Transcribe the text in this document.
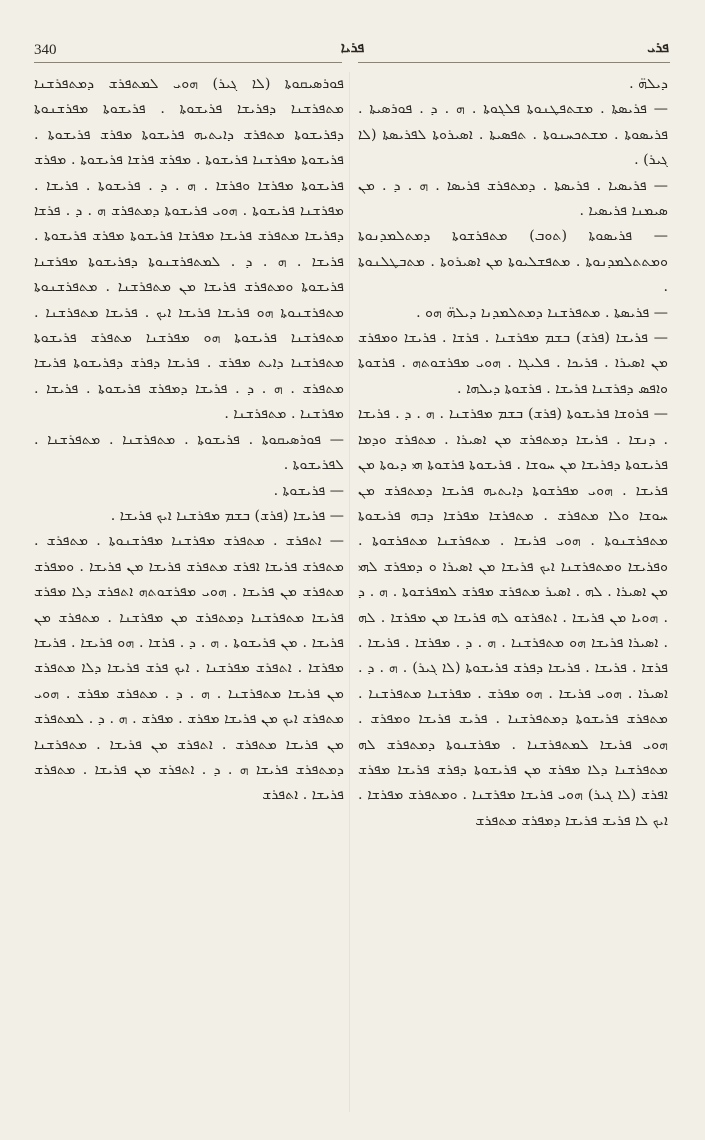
340	ܦܪܝܐ	ܦܪܝ

ܕܝܠܗ̈ .

— ܦܪܝܣܬܐ . ܡܫܬܦܛܢܘܬܐ ܦܠܓܘܬܐ . ܗ . ܕ . ܦܘܪܣܝܬܐ . ܦܪܝܣܘܬܐ . ܡܫܬܟܚܢܘܬܐ . ܬܦܣܝܬܐ . ܐܣܝܪܘܬܐ ܠܦܪܝܣܬܐ (ܠܐ ܓܝܪ) .

— ܦܪܝܣܝܐ . ܦܪܝܣܬܐ . ܕܡܬܦܪܫ ܦܪܝܣܐ . ܗ . ܕ . ܡܢ ܣܝܡܢܐ ܦܪܝܣܝܐ .

— ܦܪܝܣܘܬܐ (ܬܘܒ) ܡܬܦܪܫܘܬܐ ܕܡܬܠܡܕܢܘܬܐ ܘܡܬܬܠܡܕܢܘܬܐ . ܡܬܦܫܠܝܘܬܐ ܡܢ ܐܣܝܪܘܬܐ . ܡܬܒܛܠܢܘܬܐ .

— ܦܪܝܣܬܐ . ܡܬܦܪܫܢܐ ܕܡܬܠܡܕܢܐ ܕܝܠܗ̈ ܗܘ .

— ܦܪܝܫܐ (ܦܪܫ) ܒܫܡ ܡܦܪܫܢܐ . ܦܪܫܐ . ܦܪܝܫܐ ܘܡܦܪܫ ܡܢ ܐܣܝܪܐ . ܦܪܝܟܐ . ܦܠܝܓܐ . ܗܘܝ ܡܦܪܫܘܬܗ . ܦܪܫܘܬܐ ܘܐܦܣ ܕܦܪܫܢܐ ܦܪܝܫܐ . ܦܪܫܘܬܐ ܕܝܠܗܐ .

— ܦܪܘܫܐ ܦܪܝܫܘܬܐ (ܦܪܫ) ܒܫܡ ܡܦܪܫܢܐ . ܗ . ܕ . ܦܪܝܫܐ . ܕܢܫܐ . ܦܪܝܫܐ ܕܡܬܦܪܫ ܡܢ ܐܣܝܪܐ . ܡܬܦܪܫ ܘܕܡܐ ܦܪܝܫܘܬܐ ܕܦܪܝܫܐ ܡܢ ܚܘܫܐ . ܦܪܝܫܘܬܐ ܦܪܫܘܬܐ ܗܝ ܕܝܘܬܐ ܡܢ ܦܪܝܫܐ . ܗܘܝ ܡܦܪܫܘܬܐ ܕܐܝܬܝܗ ܦܪܝܫܐ ܕܡܬܦܪܫ ܡܢ ܚܘܫܐ ܘܠܐ ܡܬܦܪܫ . ܡܬܦܪܫܐ ܡܦܪܫܐ ܕܒܗ ܦܪܝܫܘܬܐ ܡܬܦܪܫܢܘܬܐ . ܗܘܝ ܦܪܝܫܐ . ܡܬܦܪܫܢܐ ܡܬܦܪܫܘܬܐ . ܘܦܪܝܫܐ ܘܡܬܦܪܫܢܐ ܐܝܟ ܦܪܝܫܐ ܡܢ ܐܣܝܪܐ ܘ ܕܡܦܪܫ ܠܗܝ ܡܢ ܐܣܝܪܐ . ܠܗ . ܐܣܝܪ ܡܬܦܪܫ ܡܦܪܫ ܠܡܦܪܫܘܬܐ . ܗ . ܕ . ܗܘܝܐ ܡܢ ܦܪܝܫܐ . ܐܬܦܪܫܘ ܠܗ ܦܪܝܫܐ ܡܢ ܡܦܪܫܐ . ܠܗ . ܐܣܝܪܐ ܦܪܝܫܐ ܗܘ ܡܬܦܪܫܢܐ . ܗ . ܕ . ܡܦܪܫܐ . ܦܪܝܫܐ . ܦܪܫܐ . ܦܪܝܫܐ . ܦܪܝܫܐ ܕܦܪܫ ܦܪܝܫܘܬܐ (ܠܐ ܓܝܪ) . ܗ . ܕ . ܐܣܝܪܐ . ܗܘܝ ܦܪܝܫܐ . ܗܘ ܡܦܪܫ . ܡܦܪܫܢܐ ܡܬܦܪܫܢܐ . ܡܬܦܪܫ ܦܪܝܫܘܬܐ ܕܡܬܦܪܫܢܐ . ܦܪܝܫ ܦܪܝܫܐ ܘܡܦܪܫ . ܗܘܝ ܦܪܝܫܐ ܠܡܬܦܪܫܢܐ . ܡܦܪܫܢܘܬܐ ܕܡܬܦܪܫ ܠܗ ܡܬܦܪܫܢܐ ܕܠܐ ܡܦܪܫ ܡܢ ܦܪܝܫܘܬܐ ܕܦܪܫ ܦܪܝܫܐ ܡܦܪܫ ܐܦܪܫ (ܠܐ ܓܝܪ) ܗܘܝ ܦܪܝܫܐ ܡܦܪܫܢܐ . ܘܡܬܦܪܫ ܡܦܪܫܐ . ܐܝܟ ܠܐ ܦܪܝܫ ܦܪܝܫܐ ܕܡܦܪܫ ܡܬܦܪܫ

ܦܘܪܣܝܩܘܬܐ (ܠܐ ܓܝܪ) ܗܘܝ ܠܡܬܦܪܫ ܕܡܬܦܪܫܢܐ ܡܬܦܪܫܢܐ ܕܦܪܝܫܐ ܦܪܝܫܘܬܐ . ܦܪܝܫܘܬܐ ܡܦܪܫܢܘܬܐ ܕܦܪܝܫܘܬܐ ܡܬܦܪܫ ܕܐܝܬܝܗ ܦܪܝܫܘܬܐ ܡܦܪܫ ܦܪܝܫܘܬܐ . ܦܪܝܫܘܬܐ ܡܦܪܫܢܐ ܦܪܝܫܘܬܐ . ܡܦܪܫ ܦܪܫܐ ܦܪܝܫܘܬܐ . ܡܦܪܫ ܦܪܝܫܘܬܐ ܡܦܪܫܐ ܘܦܪܫܐ . ܗ . ܕ . ܦܪܝܫܘܬܐ . ܦܪܝܫܐ . ܡܦܪܫܢܐ ܦܪܝܫܘܬܐ . ܗܘܝ ܦܪܝܫܘܬܐ ܕܡܬܦܪܫ ܗ . ܕ . ܦܪܫܐ ܕܦܪܝܫܐ ܡܬܦܪܫ ܦܪܝܫܐ ܡܦܪܫܐ ܦܪܝܫܘܬܐ ܡܦܪܫ ܦܪܝܫܘܬܐ . ܦܪܝܫܐ . ܗ . ܕ . ܠܡܬܦܪܫܢܘܬܐ ܕܦܪܝܫܘܬܐ ܡܦܪܫܢܐ ܦܪܝܫܘܬܐ ܘܡܬܦܪܫ ܦܪܝܫܐ ܡܢ ܡܬܦܪܫܢܐ . ܡܬܦܪܫܢܘܬܐ ܡܬܦܪܫܢܘܬܐ ܗܘ ܦܪܝܫܐ ܦܪܝܫܐ ܐܝܟ . ܦܪܝܫܐ ܡܬܦܪܫܢܐ . ܡܬܦܪܫܢܐ ܦܪܝܫܘܬܐ ܗܘ ܡܦܪܫܢܐ ܡܬܦܪܫ ܦܪܝܫܘܬܐ ܡܬܦܪܫܢܐ ܕܐܝܬ ܡܦܪܫ . ܦܪܝܫܐ ܕܦܪܫ ܕܦܪܝܫܘܬܐ ܦܪܝܫܐ ܡܬܦܪܫ . ܗ . ܕ . ܦܪܝܫܐ ܕܡܦܪܫ ܦܪܝܫܘܬܐ . ܦܪܝܫܐ . ܡܦܪܫܢܐ . ܡܬܦܪܫܢܐ .

— ܦܘܪܣܝܩܘܬܐ . ܦܪܝܫܘܬܐ . ܡܬܦܪܫܢܐ . ܡܬܦܪܫܢܐ . ܠܦܪܝܫܘܬܐ .

— ܦܪܝܫܘܬܐ .

— ܦܪܝܫܐ (ܦܪܫ) ܒܫܡ ܡܦܪܫܢܐ ܐܝܟ ܦܪܝܫܐ .

— ܐܬܦܪܫ . ܡܬܦܪܫ ܡܦܪܫܢܐ ܡܦܪܫܢܘܬܐ . ܡܬܦܪܫ . ܡܬܦܪܫ ܦܪܝܫܐ ܐܦܪܫ ܡܬܦܪܫ ܦܪܝܫܐ ܡܢ ܦܪܝܫܐ . ܘܡܦܪܫ ܡܬܦܪܫ ܡܢ ܦܪܝܫܐ . ܗܘܝ ܡܦܪܫܘܬܗ ܐܬܦܪܫ ܕܠܐ ܡܦܪܫ ܦܪܝܫܐ ܡܬܦܪܫܢܐ ܕܡܬܦܪܫ ܡܢ ܡܦܪܫܢܐ . ܡܬܦܪܫ ܡܢ ܦܪܝܫܐ . ܡܢ ܦܪܝܫܘܬܐ . ܗ . ܕ . ܦܪܫܐ . ܗܘ ܦܪܝܫܐ . ܦܪܝܫܐ ܡܦܪܫܐ . ܐܬܦܪܫ ܡܦܪܫܢܐ . ܐܝܟ ܦܪܫ ܦܪܝܫܐ ܕܠܐ ܡܬܦܪܫ ܡܢ ܦܪܝܫܐ ܡܬܦܪܫܢܐ . ܗ . ܕ . ܡܬܦܪܫ ܡܦܪܫ . ܗܘܝ ܡܬܦܪܫ ܐܝܟ ܡܢ ܦܪܝܫܐ ܡܦܪܫ . ܡܦܪܫ . ܗ . ܕ . ܠܡܬܦܪܫ ܡܢ ܦܪܝܫܐ ܡܬܦܪܫ . ܐܬܦܪܫ ܡܢ ܦܪܝܫܐ . ܡܬܦܪܫܢܐ ܕܡܬܦܪܫ ܦܪܝܫܐ ܗ . ܕ . ܐܬܦܪܫ ܡܢ ܦܪܝܫܐ . ܡܬܦܪܫ ܦܪܝܫܐ . ܐܬܦܪܫ
